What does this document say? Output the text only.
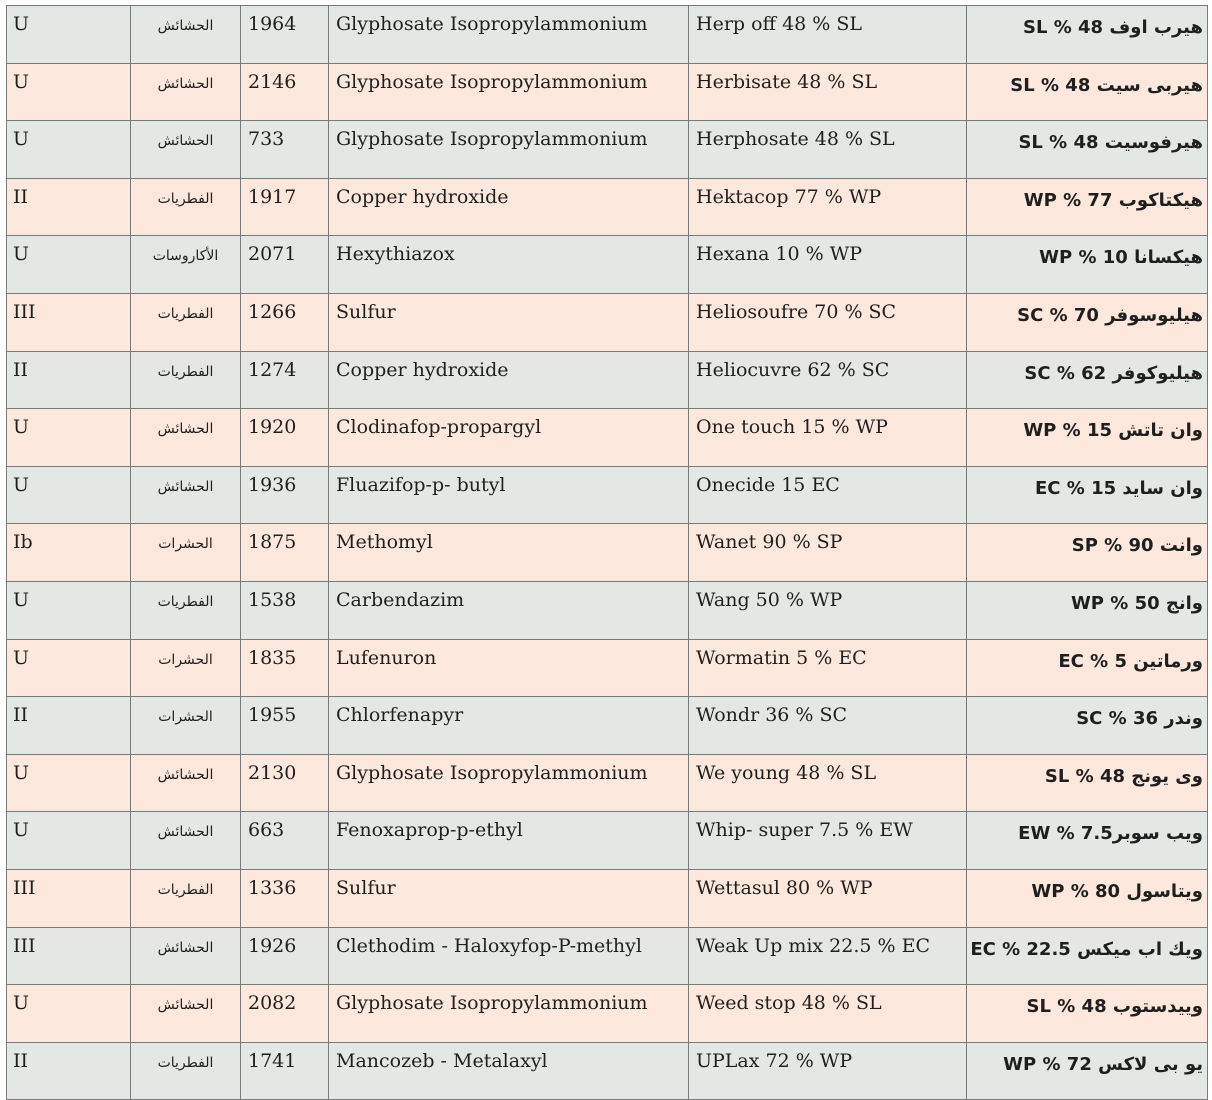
U	الحشائش	1964	Glyphosate Isopropylammonium	Herp off 48 % SL	هيرب اوف 48 % SL
U	الحشائش	2146	Glyphosate Isopropylammonium	Herbisate 48 % SL	هيربى سيت 48 % SL
U	الحشائش	733	Glyphosate Isopropylammonium	Herphosate 48 % SL	هيرفوسيت 48 % SL
II	الفطريات	1917	Copper hydroxide	Hektacop 77 % WP	هيكتاكوب 77 % WP
U	الأكاروسات	2071	Hexythiazox	Hexana 10 % WP	هيكسانا 10 % WP
III	الفطريات	1266	Sulfur	Heliosoufre 70 % SC	هيليوسوفر 70 % SC
II	الفطريات	1274	Copper hydroxide	Heliocuvre 62 % SC	هيليوكوفر 62 % SC
U	الحشائش	1920	Clodinafop-propargyl	One touch 15 % WP	وان تاتش 15 % WP
U	الحشائش	1936	Fluazifop-p- butyl	Onecide 15 EC	وان سايد 15 % EC
Ib	الحشرات	1875	Methomyl	Wanet 90 % SP	وانت 90 % SP
U	الفطريات	1538	Carbendazim	Wang 50 % WP	وانج 50 % WP
U	الحشرات	1835	Lufenuron	Wormatin 5 % EC	ورماتين 5 % EC
II	الحشرات	1955	Chlorfenapyr	Wondr 36 % SC	وندر 36 % SC
U	الحشائش	2130	Glyphosate Isopropylammonium	We young 48 % SL	وى يونج 48 % SL
U	الحشائش	663	Fenoxaprop-p-ethyl	Whip- super 7.5 % EW	ويب سوبر7.5 % EW
III	الفطريات	1336	Sulfur	Wettasul 80 % WP	ويتاسول 80 % WP
III	الحشائش	1926	Clethodim - Haloxyfop-P-methyl	Weak Up mix 22.5 % EC	ويك اب ميكس 22.5 % EC
U	الحشائش	2082	Glyphosate Isopropylammonium	Weed stop 48 % SL	وييدستوب 48 % SL
II	الفطريات	1741	Mancozeb - Metalaxyl	UPLax 72 % WP	يو بى لاكس 72 % WP
